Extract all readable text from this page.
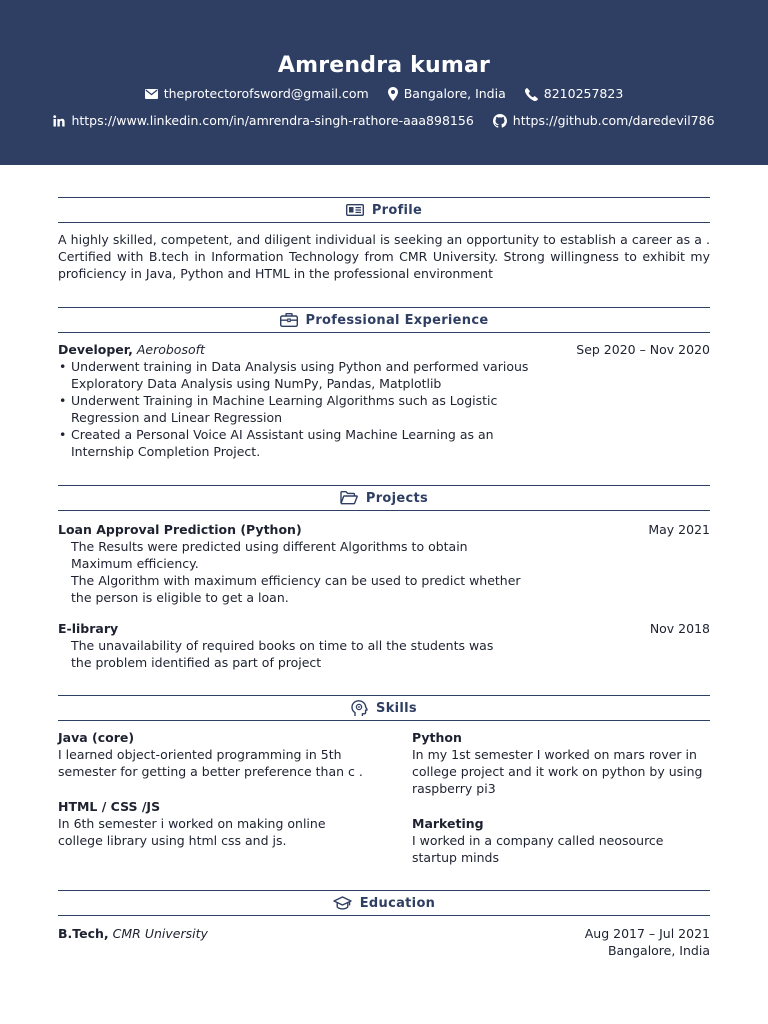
Amrendra kumar
theprotectorofsword@gmail.com	Bangalore, India	8210257823
https://www.linkedin.com/in/amrendra-singh-rathore-aaa898156	https://github.com/daredevil786
Profile
A highly skilled, competent, and diligent individual is seeking an opportunity to establish a career as a . Certified with B.tech in Information Technology from CMR University. Strong willingness to exhibit my proficiency in Java, Python and HTML in the professional environment
Professional Experience
Developer, Aerobosoft	Sep 2020 – Nov 2020
• Underwent training in Data Analysis using Python and performed various Exploratory Data Analysis using NumPy, Pandas, Matplotlib
• Underwent Training in Machine Learning Algorithms such as Logistic Regression and Linear Regression
• Created a Personal Voice AI Assistant using Machine Learning as an Internship Completion Project.
Projects
Loan Approval Prediction (Python)	May 2021
The Results were predicted using different Algorithms to obtain Maximum efficiency.
The Algorithm with maximum efficiency can be used to predict whether the person is eligible to get a loan.
E-library	Nov 2018
The unavailability of required books on time to all the students was the problem identified as part of project
Skills
Java (core)
I learned object-oriented programming in 5th semester for getting a better preference than c .
Python
In my 1st semester I worked on mars rover in college project and it work on python by using raspberry pi3
HTML / CSS /JS
In 6th semester i worked on making online college library using html css and js.
Marketing
I worked in a company called neosource startup minds
Education
B.Tech, CMR University	Aug 2017 – Jul 2021
Bangalore, India
